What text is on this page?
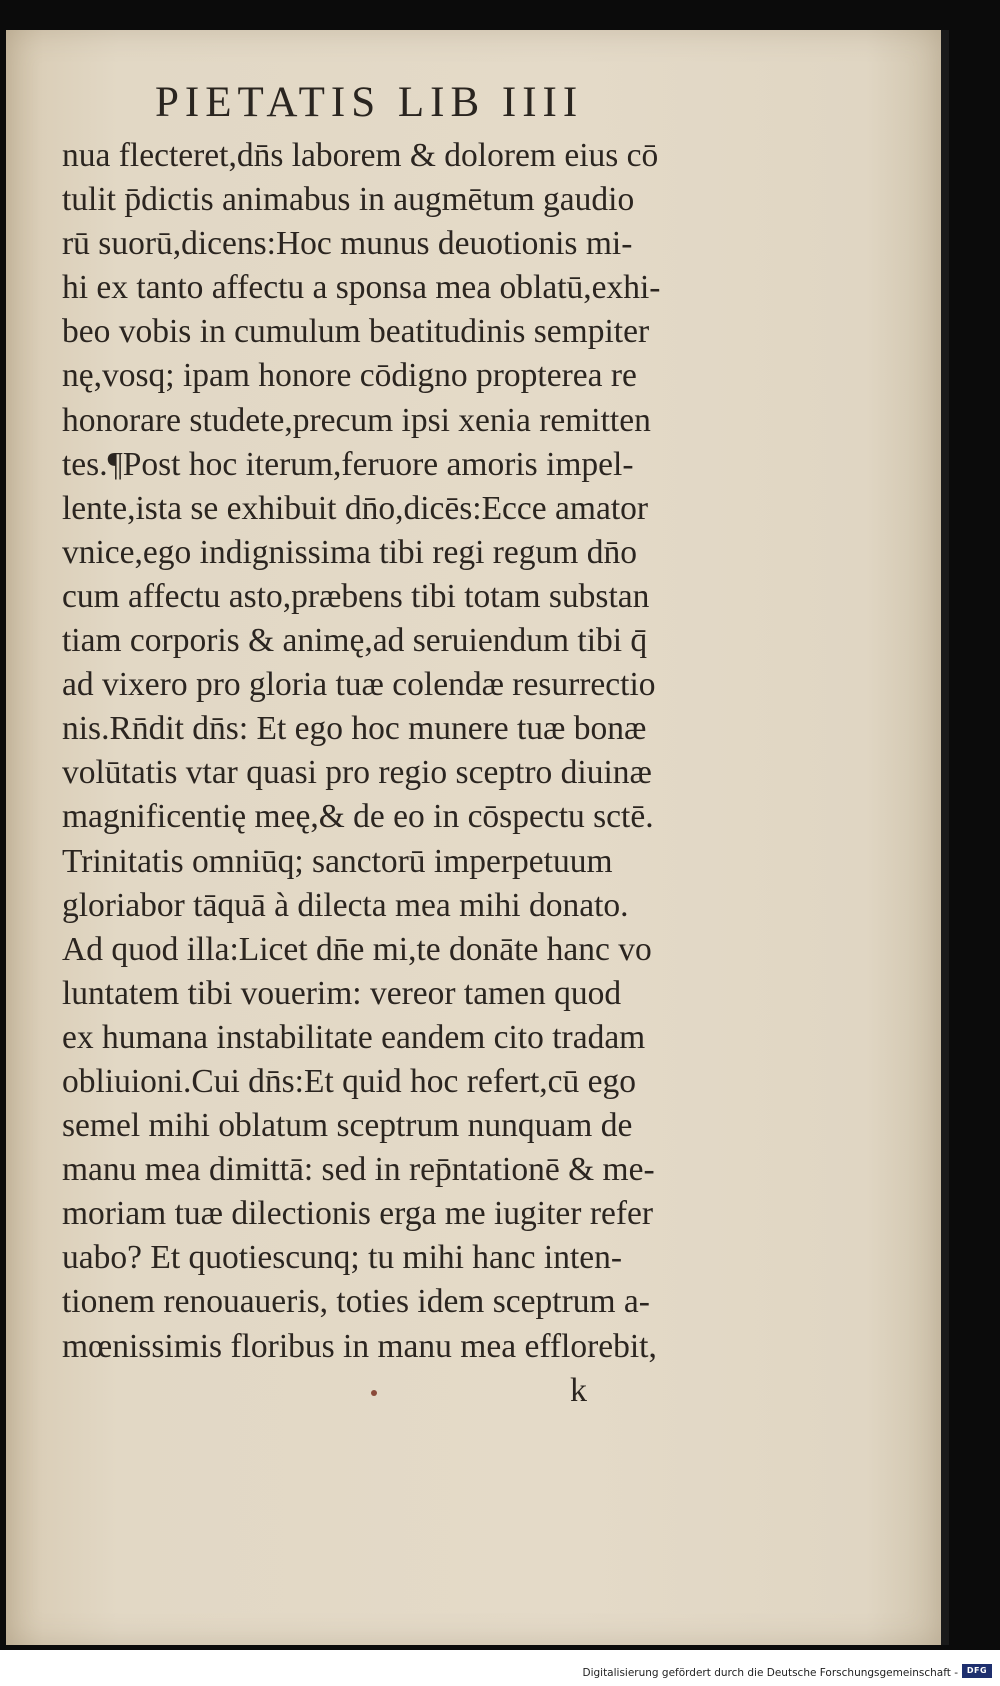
PIETATIS LIB IIII
nua flecteret,dn̄s laborem & dolorem eius cō
tulit p̄dictis animabus in augmētum gaudio
rū suorū,dicens:Hoc munus deuotionis mi-
hi ex tanto affectu a sponsa mea oblatū,exhi-
beo vobis in cumulum beatitudinis sempiter
nę,vosq; ipam honore cōdigno propterea re
honorare studete,precum ipsi xenia remitten
tes.¶Post hoc iterum,feruore amoris impel-
lente,ista se exhibuit dn̄o,dicēs:Ecce amator
vnice,ego indignissima tibi regi regum dn̄o
cum affectu asto,præbens tibi totam substan
tiam corporis & animę,ad seruiendum tibi q̄
ad vixero pro gloria tuæ colendæ resurrectio
nis.Rn̄dit dn̄s: Et ego hoc munere tuæ bonæ
volūtatis vtar quasi pro regio sceptro diuinæ
magnificentię meę,& de eo in cōspectu sctē.
Trinitatis omniūq; sanctorū imperpetuum
gloriabor tāquā à dilecta mea mihi donato.
Ad quod illa:Licet dn̄e mi,te donāte hanc vo
luntatem tibi vouerim: vereor tamen quod
ex humana instabilitate eandem cito tradam
obliuioni.Cui dn̄s:Et quid hoc refert,cū ego
semel mihi oblatum sceptrum nunquam de
manu mea dimittā: sed in rep̄ntationē & me-
moriam tuæ dilectionis erga me iugiter refer
uabo? Et quotiescunq; tu mihi hanc inten-
tionem renouaueris, toties idem sceptrum a-
mœnissimis floribus in manu mea efflorebit,
k
Digitalisierung gefördert durch die Deutsche Forschungsgemeinschaft -	DFG
